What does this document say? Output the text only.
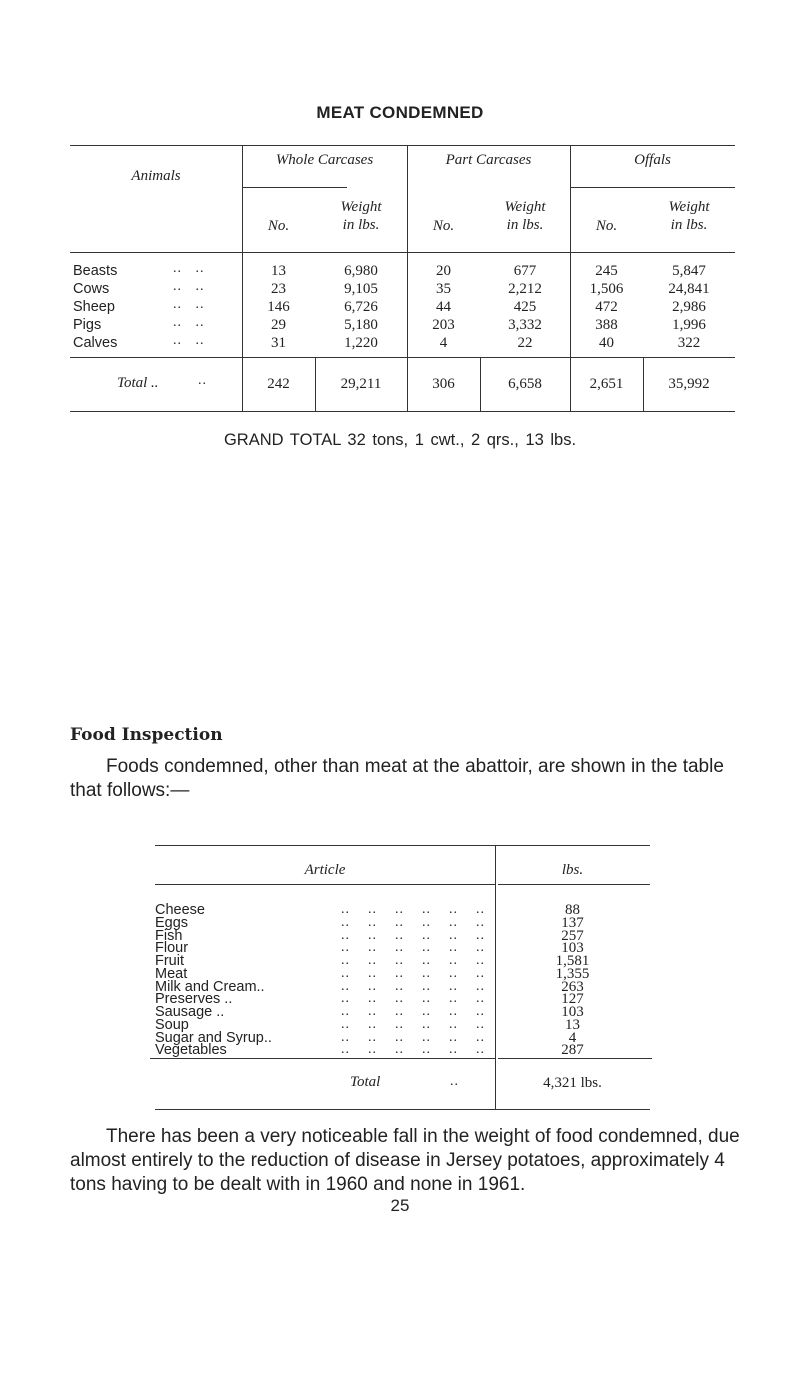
MEAT CONDEMNED
Animals
Whole Carcases	Part Carcases	Offals
No.
Weight
in lbs.	No.
Weight
in lbs.	No.
Weight
in lbs.
Beasts	..   ..	13	6,980	20	677	245	5,847
Cows	..   ..	23	9,105	35	2,212	1,506	24,841
Sheep	..   ..	146	6,726	44	425	472	2,986
Pigs	..   ..	29	5,180	203	3,332	388	1,996
Calves	..   ..	31	1,220	4	22	40	322
Total ..	..	242	29,211	306	6,658	2,651	35,992
GRAND TOTAL 32 tons, 1 cwt., 2 qrs., 13 lbs.
Food Inspection
Foods condemned, other than meat at the abattoir, are shown in the table that follows:—
Article	lbs.
Cheese	..    ..    ..    ..    ..    ..	88
Eggs	..    ..    ..    ..    ..    ..	137
Fish	..    ..    ..    ..    ..    ..	257
Flour	..    ..    ..    ..    ..    ..	103
Fruit	..    ..    ..    ..    ..    ..	1,581
Meat	..    ..    ..    ..    ..    ..	1,355
Milk and Cream..	..    ..    ..    ..    ..    ..	263
Preserves ..	..    ..    ..    ..    ..    ..	127
Sausage ..	..    ..    ..    ..    ..    ..	103
Soup	..    ..    ..    ..    ..    ..	13
Sugar and Syrup..	..    ..    ..    ..    ..    ..	4
Vegetables	..    ..    ..    ..    ..    ..	287
Total	..	4,321 lbs.
There has been a very noticeable fall in the weight of food condemned, due almost entirely to the reduction of disease in Jersey potatoes, approximately 4 tons having to be dealt with in 1960 and none in 1961.
25
